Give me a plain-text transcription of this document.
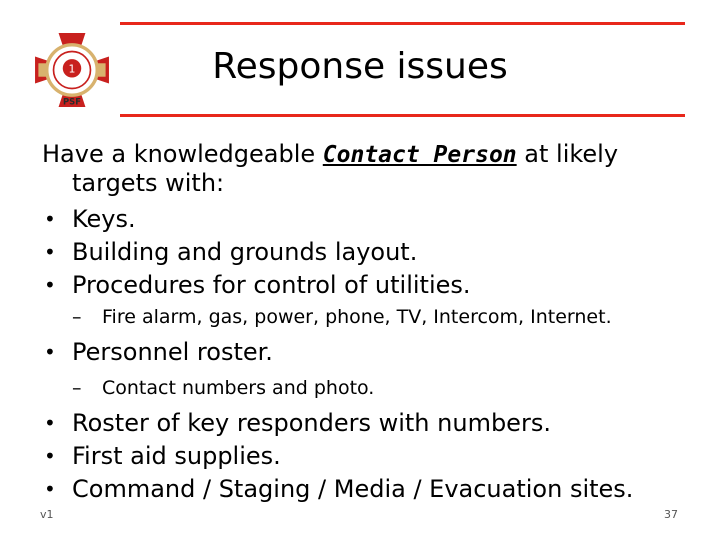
1
PSF
Response issues
Have a knowledgeable Contact Person at likely
targets with:
• Keys.
• Building and grounds layout.
• Procedures for control of utilities.
– Fire alarm, gas, power, phone, TV, Intercom, Internet.
• Personnel roster.
– Contact numbers and photo.
• Roster of key responders with numbers.
• First aid supplies.
• Command / Staging / Media / Evacuation sites.
v1	37
